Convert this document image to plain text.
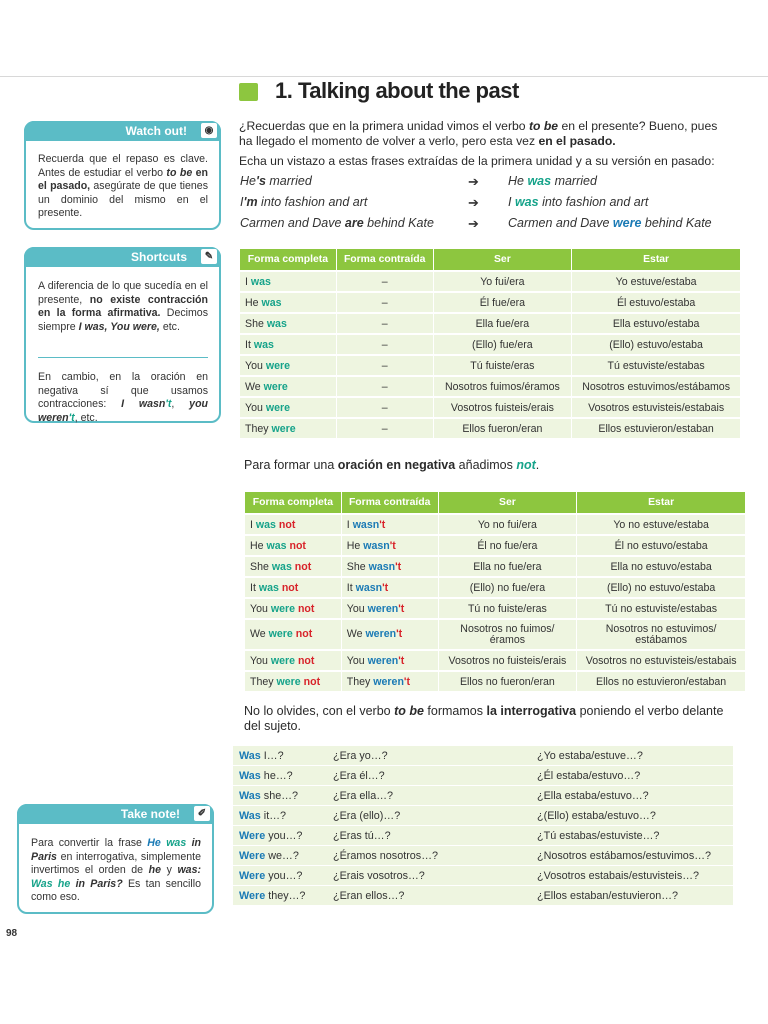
1. Talking about the past
¿Recuerdas que en la primera unidad vimos el verbo to be en el presente? Bueno, pues
ha llegado el momento de volver a verlo, pero esta vez en el pasado.
Echa un vistazo a estas frases extraídas de la primera unidad y a su versión en pasado:
He's married	➔ He was married
I'm into fashion and art	➔ I was into fashion and art
Carmen and Dave are behind Kate	➔ Carmen and Dave were behind Kate
Forma completa	Forma contraída	Ser	Estar
I was	–	Yo fui/era	Yo estuve/estaba
He was	–	Él fue/era	Él estuvo/estaba
She was	–	Ella fue/era	Ella estuvo/estaba
It was	–	(Ello) fue/era	(Ello) estuvo/estaba
You were	–	Tú fuiste/eras	Tú estuviste/estabas
We were	–	Nosotros fuimos/éramos	Nosotros estuvimos/estábamos
You were	–	Vosotros fuisteis/erais	Vosotros estuvisteis/estabais
They were	–	Ellos fueron/eran	Ellos estuvieron/estaban
Para formar una oración en negativa añadimos not.
Forma completa	Forma contraída	Ser	Estar
I was not	I wasn't	Yo no fui/era	Yo no estuve/estaba
He was not	He wasn't	Él no fue/era	Él no estuvo/estaba
She was not	She wasn't	Ella no fue/era	Ella no estuvo/estaba
It was not	It wasn't	(Ello) no fue/era	(Ello) no estuvo/estaba
You were not	You weren't	Tú no fuiste/eras	Tú no estuviste/estabas
We were not	We weren't	Nosotros no fuimos/ éramos	Nosotros no estuvimos/ estábamos
You were not	You weren't	Vosotros no fuisteis/erais	Vosotros no estuvisteis/estabais
They were not	They weren't	Ellos no fueron/eran	Ellos no estuvieron/estaban
No lo olvides, con el verbo to be formamos la interrogativa poniendo el verbo delante
del sujeto.
Was I…?	¿Era yo…?	¿Yo estaba/estuve…?
Was he…?	¿Era él…?	¿Él estaba/estuvo…?
Was she…?	¿Era ella…?	¿Ella estaba/estuvo…?
Was it…?	¿Era (ello)…?	¿(Ello) estaba/estuvo…?
Were you…?	¿Eras tú…?	¿Tú estabas/estuviste…?
Were we…?	¿Éramos nosotros…?	¿Nosotros estábamos/estuvimos…?
Were you…?	¿Erais vosotros…?	¿Vosotros estabais/estuvisteis…?
Were they…?	¿Eran ellos…?	¿Ellos estaban/estuvieron…?
Watch out!	◉
Recuerda que el repaso es clave. Antes de estudiar el verbo to be en el pasado, asegúrate de que tienes un dominio del mismo en el presente.
Shortcuts	✎
A diferencia de lo que sucedía en el presente, no existe contracción en la forma afirmativa. Decimos siempre I was, You were, etc.
En cambio, en la oración en negativa sí que usamos contracciones: I wasn't, you weren't, etc.
Take note!	✐
Para convertir la frase He was in Paris en interrogativa, simplemente invertimos el orden de he y was: Was he in Paris? Es tan sencillo como eso.
98
